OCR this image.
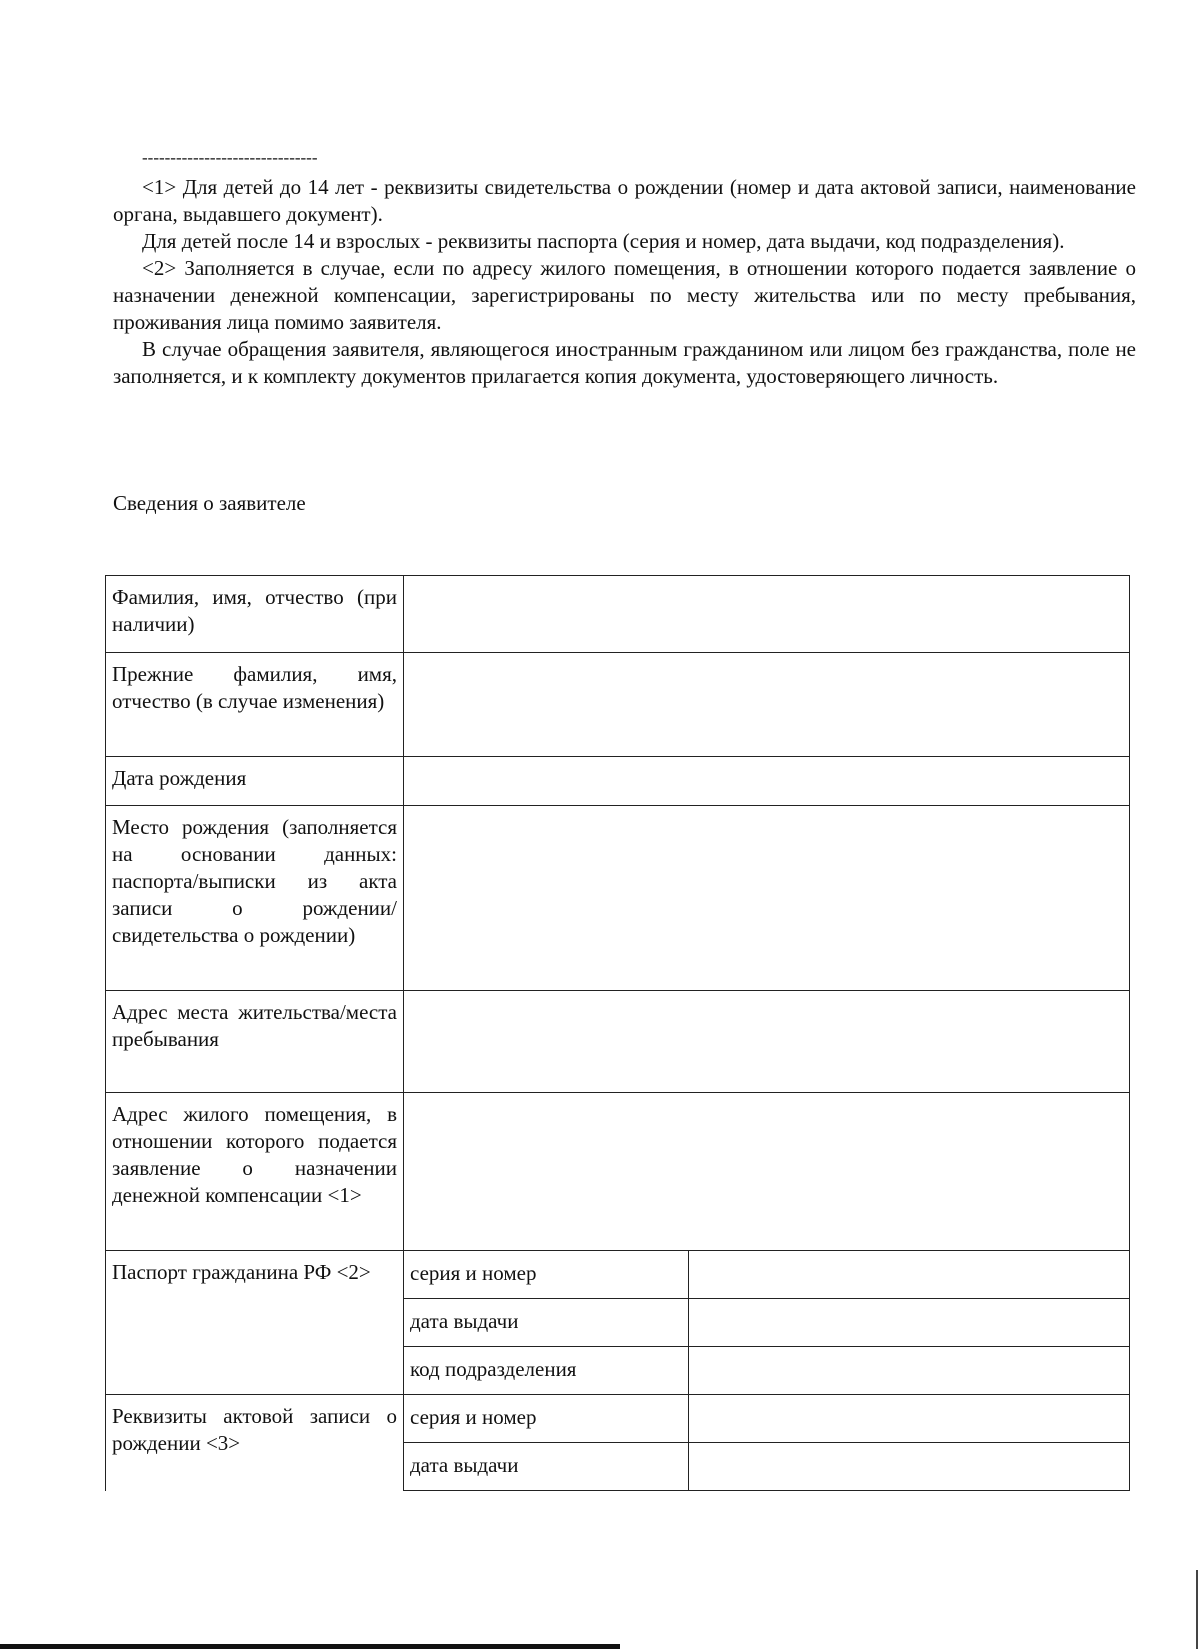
-------------------------------

<1> Для детей до 14 лет - реквизиты свидетельства о рождении (номер и дата актовой записи, наименование органа, выдавшего документ).

Для детей после 14 и взрослых - реквизиты паспорта (серия и номер, дата выдачи, код подразделения).

<2> Заполняется в случае, если по адресу жилого помещения, в отношении которого подается заявление о назначении денежной компенсации, зарегистрированы по месту жительства или по месту пребывания, проживания лица помимо заявителя.

В случае обращения заявителя, являющегося иностранным гражданином или лицом без гражданства, поле не заполняется, и к комплекту документов прилагается копия документа, удостоверяющего личность.

Сведения о заявителе
Фамилия, имя, отчество (при наличии)		
Прежние фамилия, имя, отчество (в случае изменения)		
Дата рождения		
Место рождения (заполняется на основании данных: паспорта/выписки из акта записи о рождении/свидетельства о рождении)		
Адрес места жительства/места пребывания		
Адрес жилого помещения, в отношении которого подается заявление о назначении денежной компенсации <1>		
Паспорт гражданина РФ <2>	серия и номер	
	дата выдачи	
	код подразделения	
Реквизиты актовой записи о рождении <3>	серия и номер	
	дата выдачи	
